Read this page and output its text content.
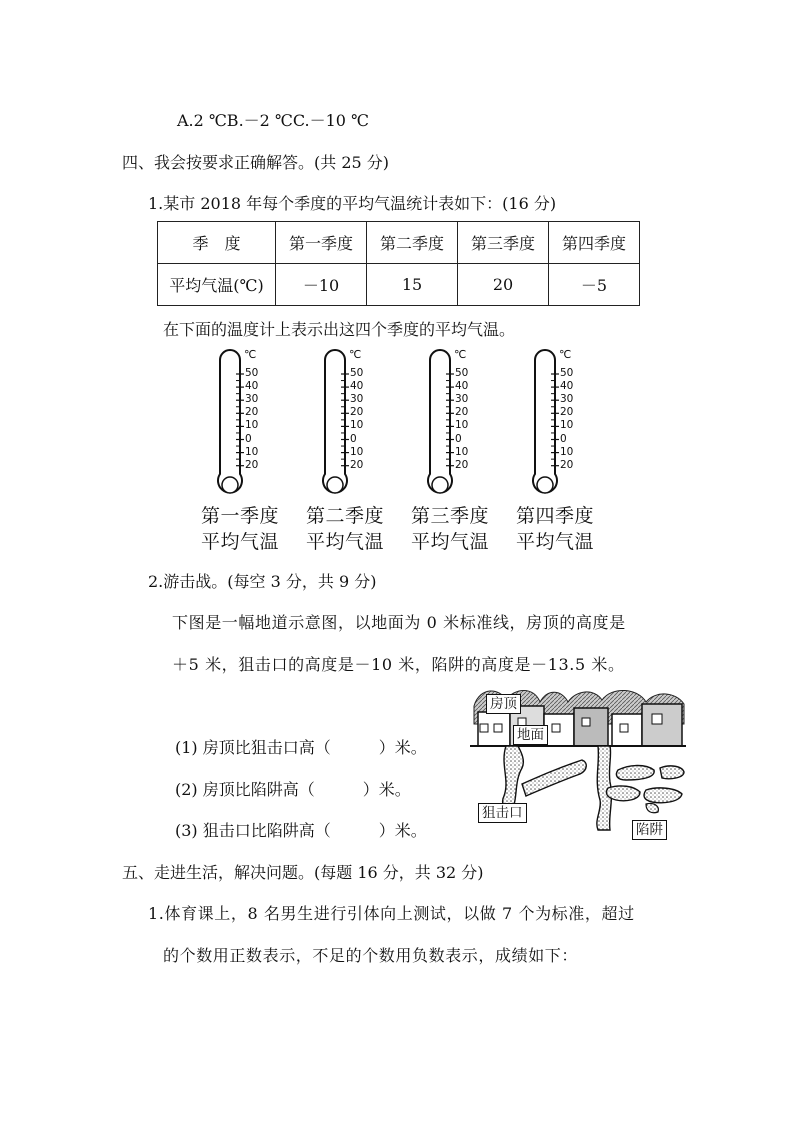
A.2 ℃B.－2 ℃C.－10 ℃
四、我会按要求正确解答。(共 25 分)
1.某市 2018 年每个季度的平均气温统计表如下：(16 分)
季　度	第一季度	第二季度	第三季度	第四季度
平均气温(℃)	－10	15	20	－5
在下面的温度计上表示出这四个季度的平均气温。
℃
50
40
30
20
10
0
10
20
℃
50
40
30
20
10
0
10
20
℃
50
40
30
20
10
0
10
20
℃
50
40
30
20
10
0
10
20
第一季度
平均气温
第二季度
平均气温
第三季度
平均气温
第四季度
平均气温
2.游击战。(每空 3 分，共 9 分)
下图是一幅地道示意图，以地面为 0 米标准线，房顶的高度是
＋5 米，狙击口的高度是－10 米，陷阱的高度是－13.5 米。
(1) 房顶比狙击口高（　　　）米。
(2) 房顶比陷阱高（　　　）米。
(3) 狙击口比陷阱高（　　　）米。
房顶
地面
狙击口
陷阱
五、走进生活，解决问题。(每题 16 分，共 32 分)
1.体育课上，8 名男生进行引体向上测试，以做 7 个为标准，超过
的个数用正数表示，不足的个数用负数表示，成绩如下：
